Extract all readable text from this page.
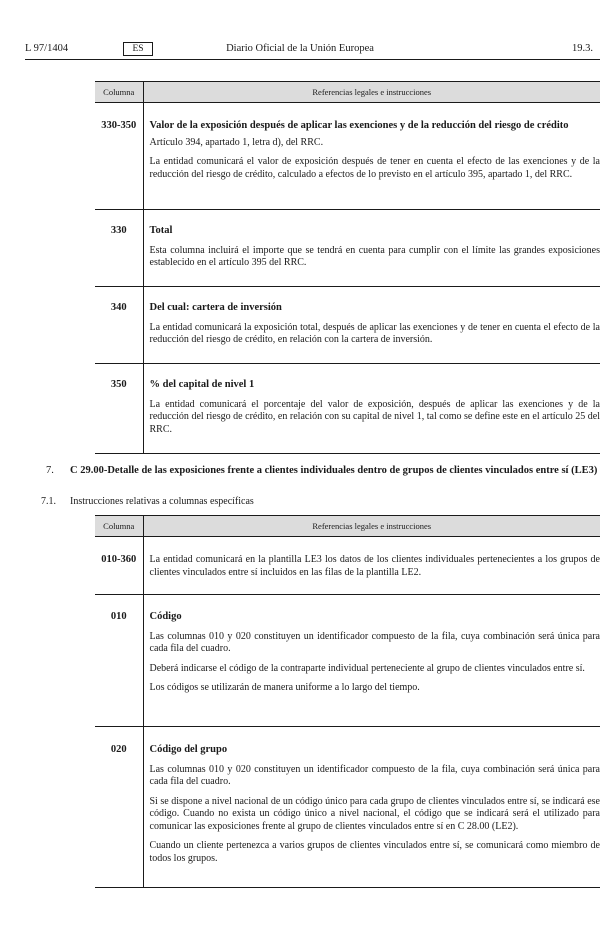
L 97/1404	ES	Diario Oficial de la Unión Europea	19.3.
Columna	Referencias legales e instrucciones
330-350	Valor de la exposición después de aplicar las exenciones y de la reducción del riesgo de crédito
Artículo 394, apartado 1, letra d), del RRC.
La entidad comunicará el valor de exposición después de tener en cuenta el efecto de las exenciones y de la reducción del riesgo de crédito, calculado a efectos de lo previsto en el artículo 395, apartado 1, del RRC.

330	Total
Esta columna incluirá el importe que se tendrá en cuenta para cumplir con el límite las grandes exposiciones establecido en el artículo 395 del RRC.

340	Del cual: cartera de inversión
La entidad comunicará la exposición total, después de aplicar las exenciones y de tener en cuenta el efecto de la reducción del riesgo de crédito, en relación con la cartera de inversión.

350	% del capital de nivel 1
La entidad comunicará el porcentaje del valor de exposición, después de aplicar las exenciones y de la reducción del riesgo de crédito, en relación con su capital de nivel 1, tal como se define este en el artículo 25 del RRC.
7. C 29.00-Detalle de las exposiciones frente a clientes individuales dentro de grupos de clientes vinculados entre sí (LE3)
7.1. Instrucciones relativas a columnas específicas
Columna	Referencias legales e instrucciones
010-360	La entidad comunicará en la plantilla LE3 los datos de los clientes individuales pertenecientes a los grupos de clientes vinculados entre sí incluidos en las filas de la plantilla LE2.

010	Código
Las columnas 010 y 020 constituyen un identificador compuesto de la fila, cuya combinación será única para cada fila del cuadro.
Deberá indicarse el código de la contraparte individual perteneciente al grupo de clientes vinculados entre sí.
Los códigos se utilizarán de manera uniforme a lo largo del tiempo.

020	Código del grupo
Las columnas 010 y 020 constituyen un identificador compuesto de la fila, cuya combinación será única para cada fila del cuadro.
Si se dispone a nivel nacional de un código único para cada grupo de clientes vinculados entre sí, se indicará ese código. Cuando no exista un código único a nivel nacional, el código que se indicará será el utilizado para comunicar las exposiciones frente al grupo de clientes vinculados entre sí en C 28.00 (LE2).
Cuando un cliente pertenezca a varios grupos de clientes vinculados entre sí, se comunicará como miembro de todos los grupos.
